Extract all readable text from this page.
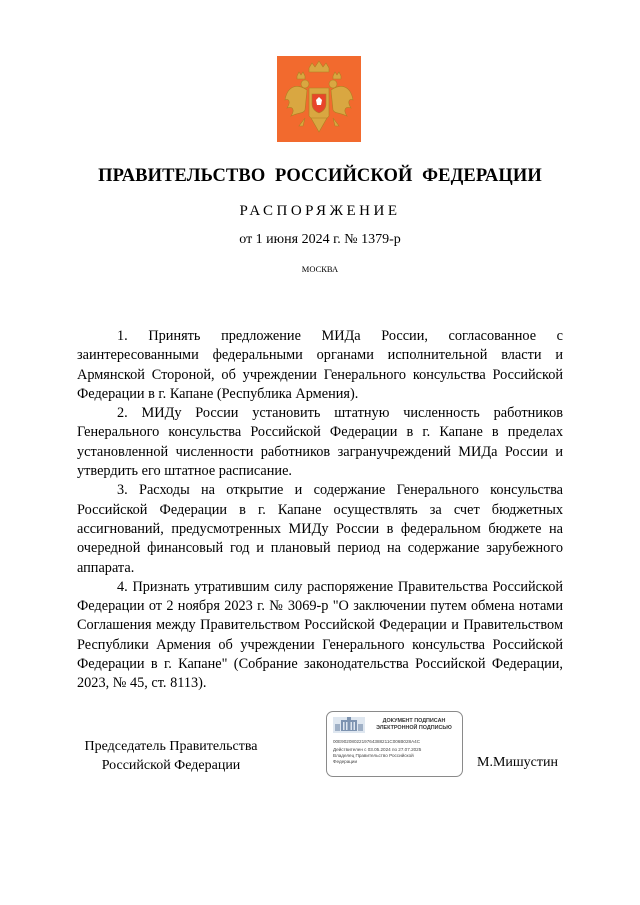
ПРАВИТЕЛЬСТВО РОССИЙСКОЙ ФЕДЕРАЦИИ
РАСПОРЯЖЕНИЕ
от 1 июня 2024 г. № 1379-р
МОСКВА

1. Принять предложение МИДа России, согласованное с заинтересованными федеральными органами исполнительной власти и Армянской Стороной, об учреждении Генерального консульства Российской Федерации в г. Капане (Республика Армения).

2. МИДу России установить штатную численность работников Генерального консульства Российской Федерации в г. Капане в пределах установленной численности работников загранучреждений МИДа России и утвердить его штатное расписание.

3. Расходы на открытие и содержание Генерального консульства Российской Федерации в г. Капане осуществлять за счет бюджетных ассигнований, предусмотренных МИДу России в федеральном бюджете на очередной финансовый год и плановый период на содержание зарубежного аппарата.

4. Признать утратившим силу распоряжение Правительства Российской Федерации от 2 ноября 2023 г. № 3069-р "О заключении путем обмена нотами Соглашения между Правительством Российской Федерации и Правительством Республики Армения об учреждении Генерального консульства Российской Федерации в г. Капане" (Собрание законодательства Российской Федерации, 2023, № 45, ст. 8113).

Председатель Правительства
Российской Федерации
ДОКУМЕНТ ПОДПИСАН
ЭЛЕКТРОННОЙ ПОДПИСЬЮ
00E9020802219764388211C006B028A4C
Действителен с 03.05.2024 по 27.07.2025
Владелец Правительство Российской
Федерации	М.Мишустин
